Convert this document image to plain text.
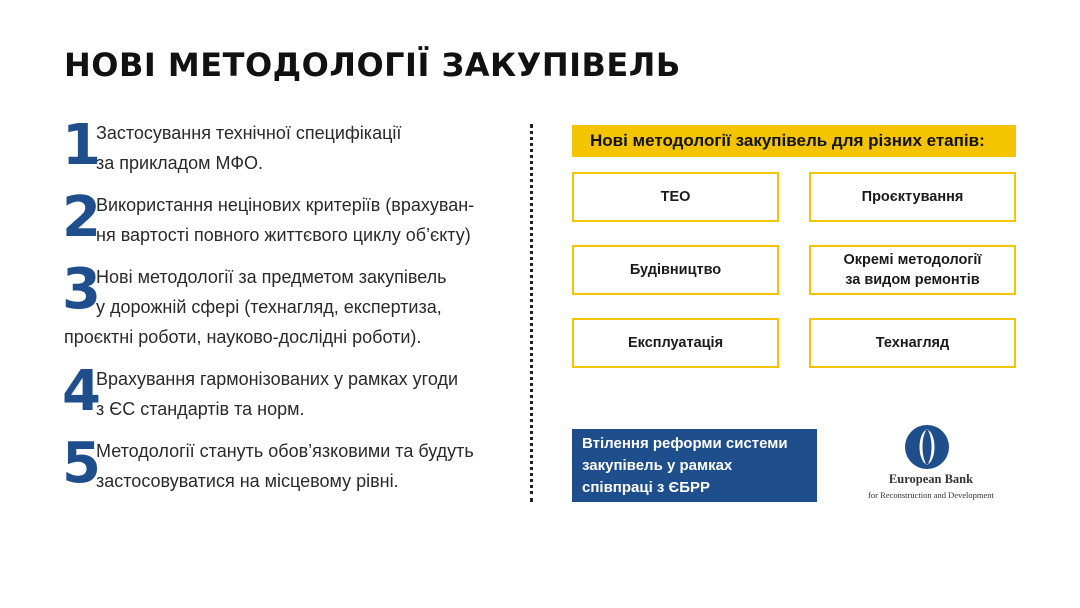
НОВІ МЕТОДОЛОГІЇ ЗАКУПІВЕЛЬ
1
Застосування технічної специфікації
за прикладом МФО.
2
Використання нецінових критеріїв (врахуван-
ня вартості повного життєвого циклу об’єкту)
3
Нові методології за предметом закупівель
у дорожній сфері (технагляд, експертиза,
проєктні роботи, науково-дослідні роботи).
4
Врахування гармонізованих у рамках угоди
з ЄС стандартів та норм.
5
Методології стануть обов’язковими та будуть
застосовуватися на місцевому рівні.
Нові методології закупівель для різних етапів:
ТЕО	Проєктування
Будівництво
Окремі методології
за видом ремонтів
Експлуатація	Технагляд
Втілення реформи системи
закупівель у рамках
співпраці з ЄБРР	European Bank
for Reconstruction and Development
